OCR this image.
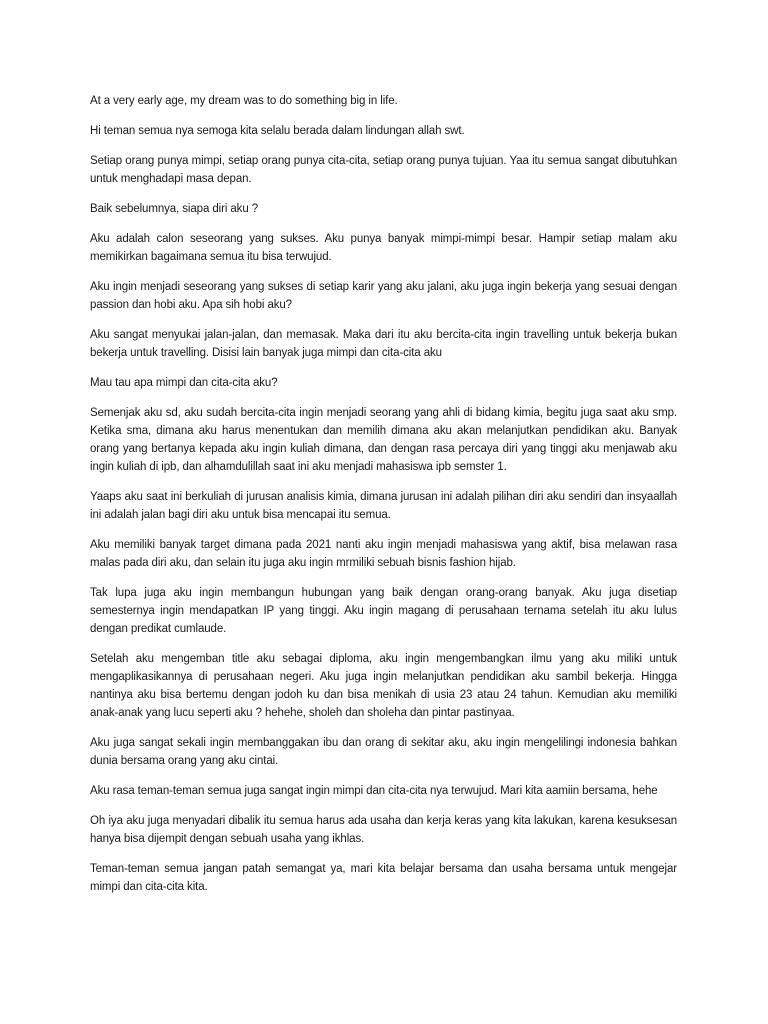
At a very early age, my dream was to do something big in life.

Hi teman semua nya semoga kita selalu berada dalam lindungan allah swt.

Setiap orang punya mimpi, setiap orang punya cita-cita, setiap orang punya tujuan. Yaa itu semua sangat dibutuhkan untuk menghadapi masa depan.

Baik sebelumnya, siapa diri aku ?

Aku adalah calon seseorang yang sukses. Aku punya banyak mimpi-mimpi besar. Hampir setiap malam aku memikirkan bagaimana semua itu bisa terwujud.

Aku ingin menjadi seseorang yang sukses di setiap karir yang aku jalani, aku juga ingin bekerja yang sesuai dengan passion dan hobi aku. Apa sih hobi aku?

Aku sangat menyukai jalan-jalan, dan memasak. Maka dari itu aku bercita-cita ingin travelling untuk bekerja bukan bekerja untuk travelling. Disisi lain banyak juga mimpi dan cita-cita aku

Mau tau apa mimpi dan cita-cita aku?

Semenjak aku sd, aku sudah bercita-cita ingin menjadi seorang yang ahli di bidang kimia, begitu juga saat aku smp. Ketika sma, dimana aku harus menentukan dan memilih dimana aku akan melanjutkan pendidikan aku. Banyak orang yang bertanya kepada aku ingin kuliah dimana, dan dengan rasa percaya diri yang tinggi aku menjawab aku ingin kuliah di ipb, dan alhamdulillah saat ini aku menjadi mahasiswa ipb semster 1.

Yaaps aku saat ini berkuliah di jurusan analisis kimia, dimana jurusan ini adalah pilihan diri aku sendiri dan insyaallah ini adalah jalan bagi diri aku untuk bisa mencapai itu semua.

Aku memiliki banyak target dimana pada 2021 nanti aku ingin menjadi mahasiswa yang aktif, bisa melawan rasa malas pada diri aku, dan selain itu juga aku ingin mrmiliki sebuah bisnis fashion hijab.

Tak lupa juga aku ingin membangun hubungan yang baik dengan orang-orang banyak. Aku juga disetiap semesternya ingin mendapatkan IP yang tinggi. Aku ingin magang di perusahaan ternama setelah itu aku lulus dengan predikat cumlaude.

Setelah aku mengemban title aku sebagai diploma, aku ingin mengembangkan ilmu yang aku miliki untuk mengaplikasikannya di perusahaan negeri. Aku juga ingin melanjutkan pendidikan aku sambil bekerja. Hingga nantinya aku bisa bertemu dengan jodoh ku dan bisa menikah di usia 23 atau 24 tahun. Kemudian aku memiliki anak-anak yang lucu seperti aku ? hehehe, sholeh dan sholeha dan pintar pastinyaa.

Aku juga sangat sekali ingin membanggakan ibu dan orang di sekitar aku, aku ingin mengelilingi indonesia bahkan dunia bersama orang yang aku cintai.

Aku rasa teman-teman semua juga sangat ingin mimpi dan cita-cita nya terwujud. Mari kita aamiin bersama, hehe

Oh iya aku juga menyadari dibalik itu semua harus ada usaha dan kerja keras yang kita lakukan, karena kesuksesan hanya bisa dijempit dengan sebuah usaha yang ikhlas.

Teman-teman semua jangan patah semangat ya, mari kita belajar bersama dan usaha bersama untuk mengejar mimpi dan cita-cita kita.
